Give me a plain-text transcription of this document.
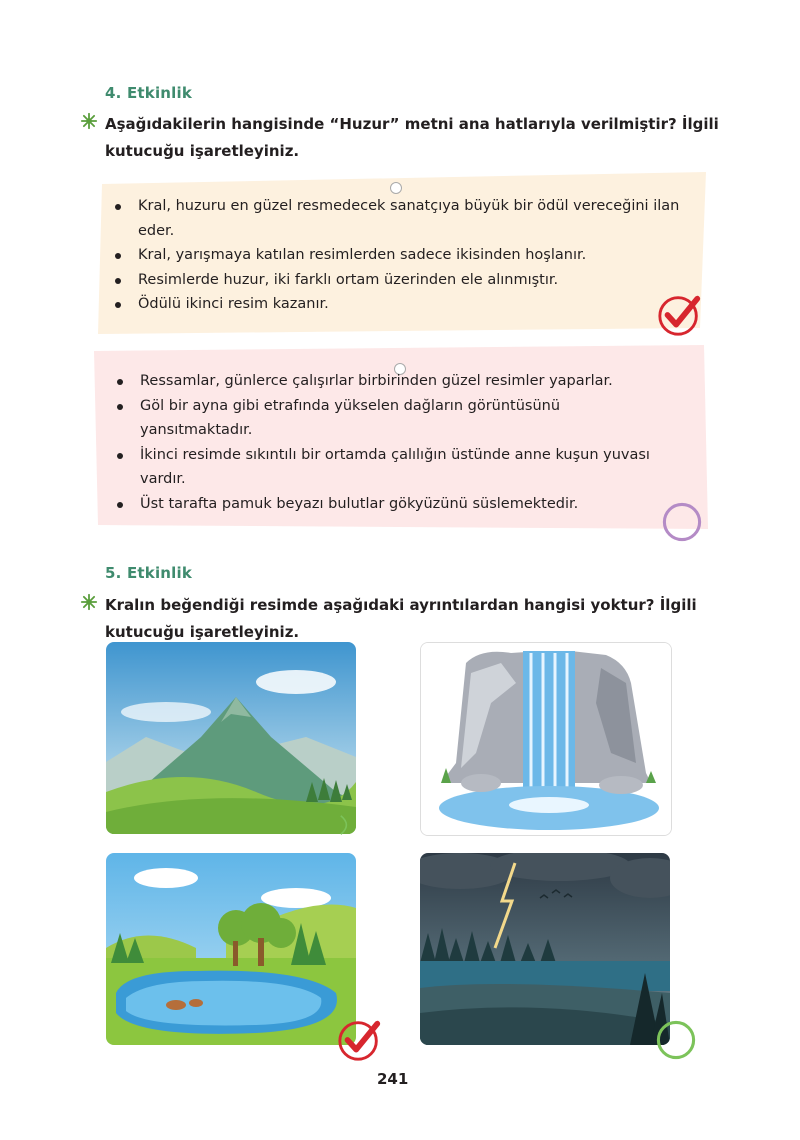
4. Etkinlik
Aşağıdakilerin hangisinde “Huzur” metni ana hatlarıyla verilmiştir? İlgili
kutucuğu işaretleyiniz.
Kral, huzuru en güzel resmedecek sanatçıya büyük bir ödül vereceğini ilan eder.
Kral, yarışmaya katılan resimlerden sadece ikisinden hoşlanır.
Resimlerde huzur, iki farklı ortam üzerinden ele alınmıştır.
Ödülü ikinci resim kazanır.
Ressamlar, günlerce çalışırlar birbirinden güzel resimler yaparlar.
Göl bir ayna gibi etrafında yükselen dağların görüntüsünü yansıtmaktadır.
İkinci resimde sıkıntılı bir ortamda çalılığın üstünde anne kuşun yuvası vardır.
Üst tarafta pamuk beyazı bulutlar gökyüzünü süslemektedir.
5. Etkinlik
Kralın beğendiği resimde aşağıdaki ayrıntılardan hangisi yoktur? İlgili
kutucuğu işaretleyiniz.
241
